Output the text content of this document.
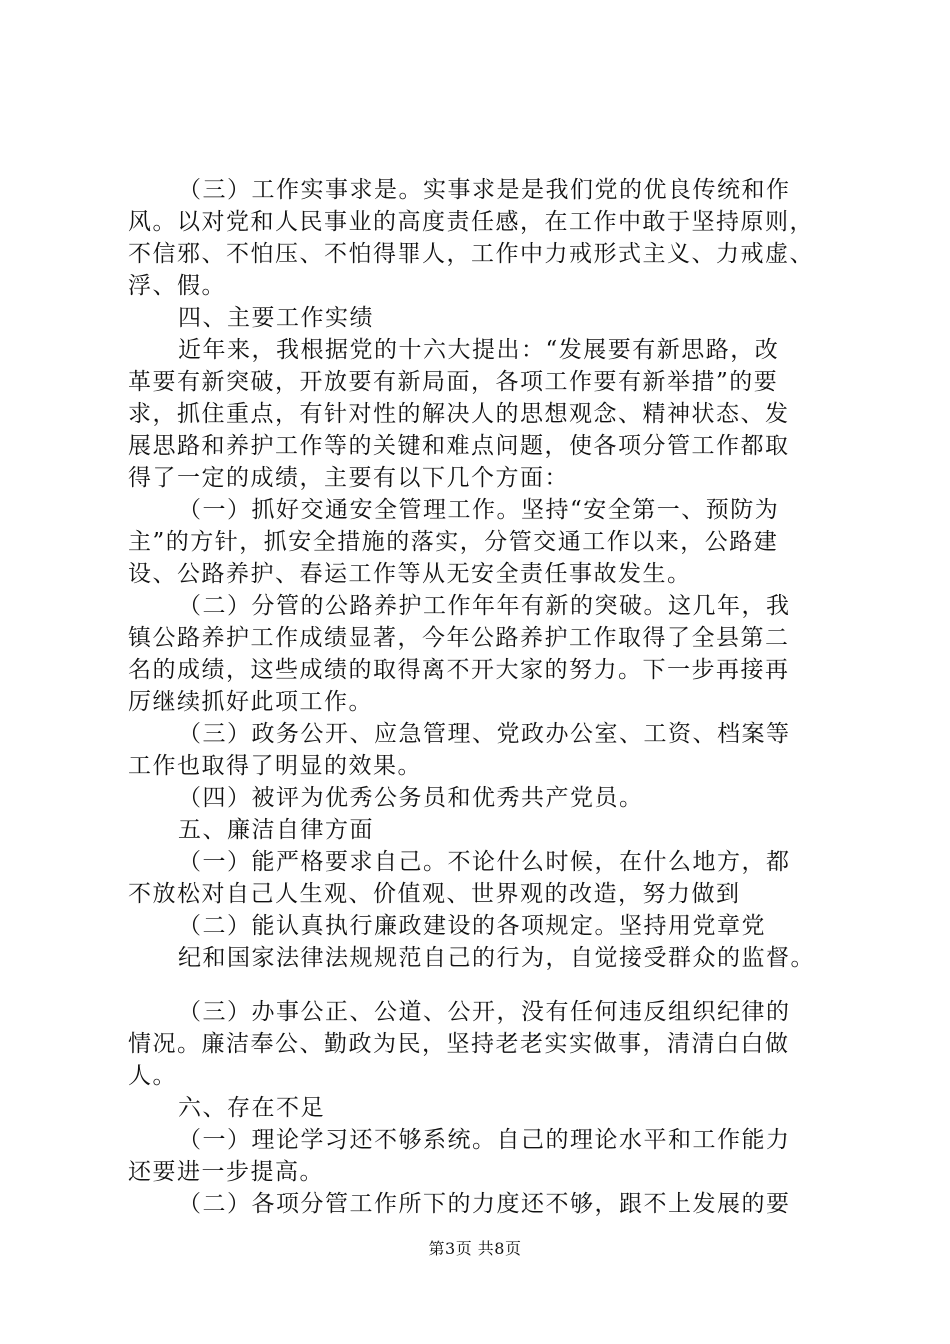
（三）工作实事求是。实事求是是我们党的优良传统和作
风。以对党和人民事业的高度责任感，在工作中敢于坚持原则，
不信邪、不怕压、不怕得罪人，工作中力戒形式主义、力戒虚、
浮、假。
四、主要工作实绩
近年来，我根据党的十六大提出：“发展要有新思路，改
革要有新突破，开放要有新局面，各项工作要有新举措”的要
求，抓住重点，有针对性的解决人的思想观念、精神状态、发
展思路和养护工作等的关键和难点问题，使各项分管工作都取
得了一定的成绩，主要有以下几个方面：
（一）抓好交通安全管理工作。坚持“安全第一、预防为
主”的方针，抓安全措施的落实，分管交通工作以来，公路建
设、公路养护、春运工作等从无安全责任事故发生。
（二）分管的公路养护工作年年有新的突破。这几年，我
镇公路养护工作成绩显著，今年公路养护工作取得了全县第二
名的成绩，这些成绩的取得离不开大家的努力。下一步再接再
厉继续抓好此项工作。
（三）政务公开、应急管理、党政办公室、工资、档案等
工作也取得了明显的效果。
（四）被评为优秀公务员和优秀共产党员。
五、廉洁自律方面
（一）能严格要求自己。不论什么时候，在什么地方，都
不放松对自己人生观、价值观、世界观的改造，努力做到
（二）能认真执行廉政建设的各项规定。坚持用党章党
纪和国家法律法规规范自己的行为，自觉接受群众的监督。
（三）办事公正、公道、公开，没有任何违反组织纪律的
情况。廉洁奉公、勤政为民，坚持老老实实做事，清清白白做
人。
六、存在不足
（一）理论学习还不够系统。自己的理论水平和工作能力
还要进一步提高。
（二）各项分管工作所下的力度还不够，跟不上发展的要
第3页 共8页
